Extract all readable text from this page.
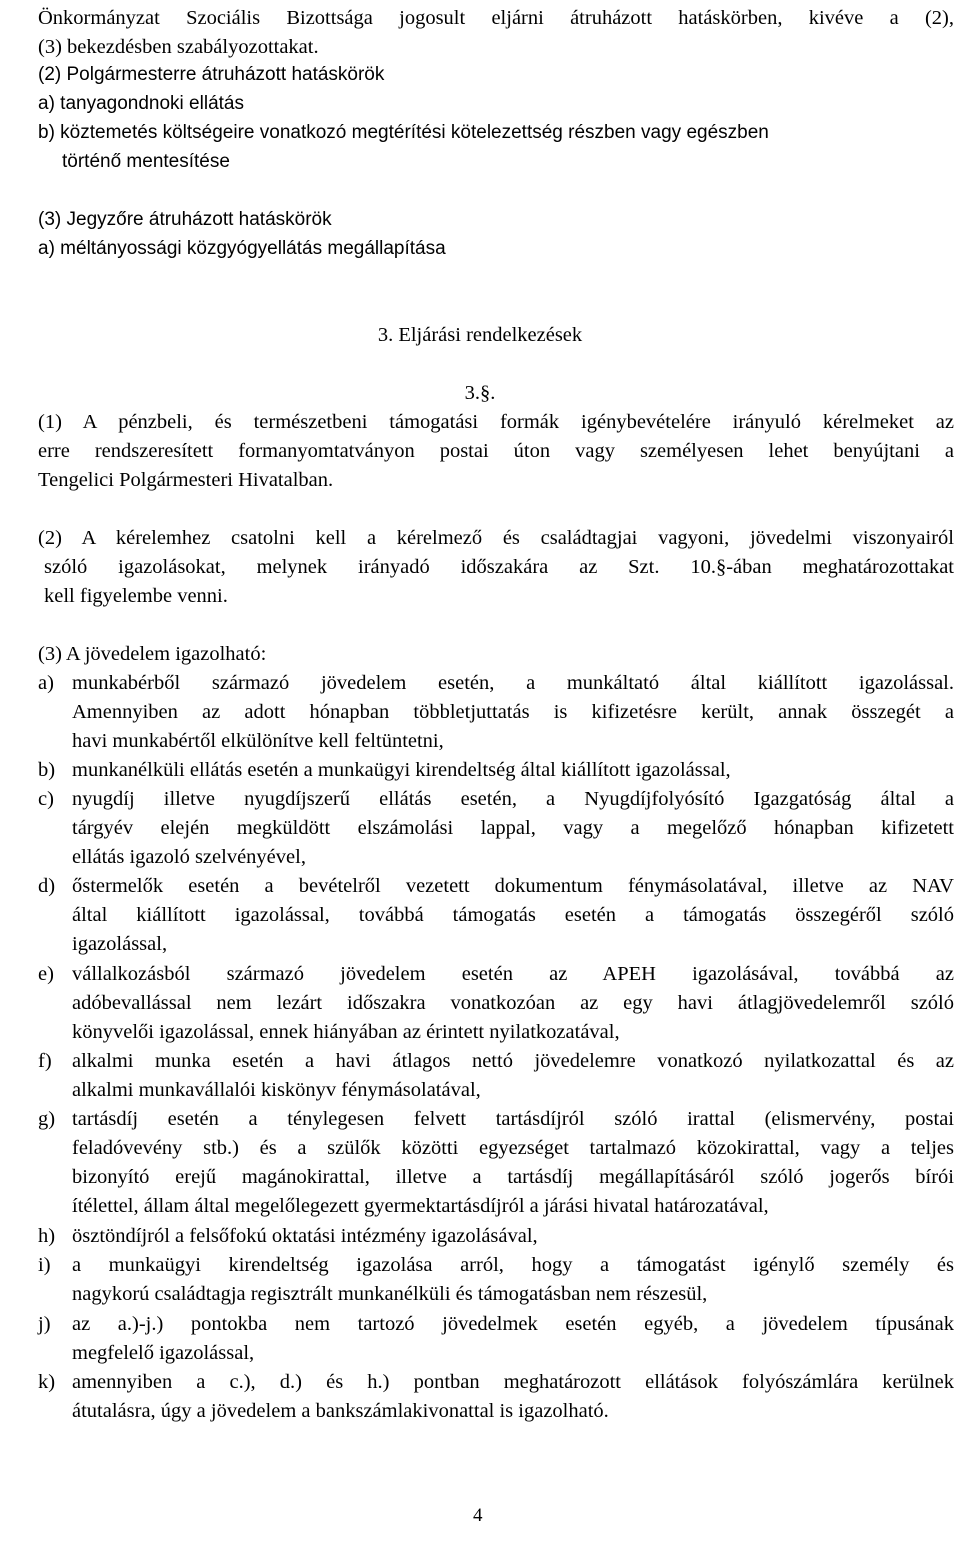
Önkormányzat Szociális Bizottsága jogosult eljárni átruházott hatáskörben, kivéve a (2),
(3) bekezdésben szabályozottakat.
(2) Polgármesterre átruházott hatáskörök
a) tanyagondnoki ellátás
b) köztemetés költségeire vonatkozó megtérítési kötelezettség részben vagy egészben
történő mentesítése
(3) Jegyzőre átruházott hatáskörök
a) méltányossági közgyógyellátás megállapítása
3. Eljárási rendelkezések
3.§.
(1) A pénzbeli, és természetbeni támogatási formák igénybevételére irányuló kérelmeket az
erre rendszeresített formanyomtatványon postai úton vagy személyesen lehet benyújtani a
Tengelici Polgármesteri Hivatalban.
(2) A kérelemhez csatolni kell a kérelmező és családtagjai vagyoni, jövedelmi viszonyairól
szóló igazolásokat, melynek irányadó időszakára az Szt. 10.§-ában meghatározottakat
kell figyelembe venni.
(3) A jövedelem igazolható:
a) munkabérből származó jövedelem esetén, a munkáltató által kiállított igazolással.
Amennyiben az adott hónapban többletjuttatás is kifizetésre került, annak összegét a
havi munkabértől elkülönítve kell feltüntetni,
b) munkanélküli ellátás esetén a munkaügyi kirendeltség által kiállított igazolással,
c) nyugdíj illetve nyugdíjszerű ellátás esetén, a Nyugdíjfolyósító Igazgatóság által a
tárgyév elején megküldött elszámolási lappal, vagy a megelőző hónapban kifizetett
ellátás igazoló szelvényével,
d) őstermelők esetén a bevételről vezetett dokumentum fénymásolatával, illetve az NAV
által kiállított igazolással, továbbá támogatás esetén a támogatás összegéről szóló
igazolással,
e) vállalkozásból származó jövedelem esetén az APEH igazolásával, továbbá az
adóbevallással nem lezárt időszakra vonatkozóan az egy havi átlagjövedelemről szóló
könyvelői igazolással, ennek hiányában az érintett nyilatkozatával,
f) alkalmi munka esetén a havi átlagos nettó jövedelemre vonatkozó nyilatkozattal és az
alkalmi munkavállalói kiskönyv fénymásolatával,
g) tartásdíj esetén a ténylegesen felvett tartásdíjról szóló irattal (elismervény, postai
feladóvevény stb.) és a szülők közötti egyezséget tartalmazó közokirattal, vagy a teljes
bizonyító erejű magánokirattal, illetve a tartásdíj megállapításáról szóló jogerős bírói
ítélettel, állam által megelőlegezett gyermektartásdíjról a járási hivatal határozatával,
h) ösztöndíjról a felsőfokú oktatási intézmény igazolásával,
i) a munkaügyi kirendeltség igazolása arról, hogy a támogatást igénylő személy és
nagykorú családtagja regisztrált munkanélküli és támogatásban nem részesül,
j) az a.)-j.) pontokba nem tartozó jövedelmek esetén egyéb, a jövedelem típusának
megfelelő igazolással,
k) amennyiben a c.), d.) és h.) pontban meghatározott ellátások folyószámlára kerülnek
átutalásra, úgy a jövedelem a bankszámlakivonattal is igazolható.
4
